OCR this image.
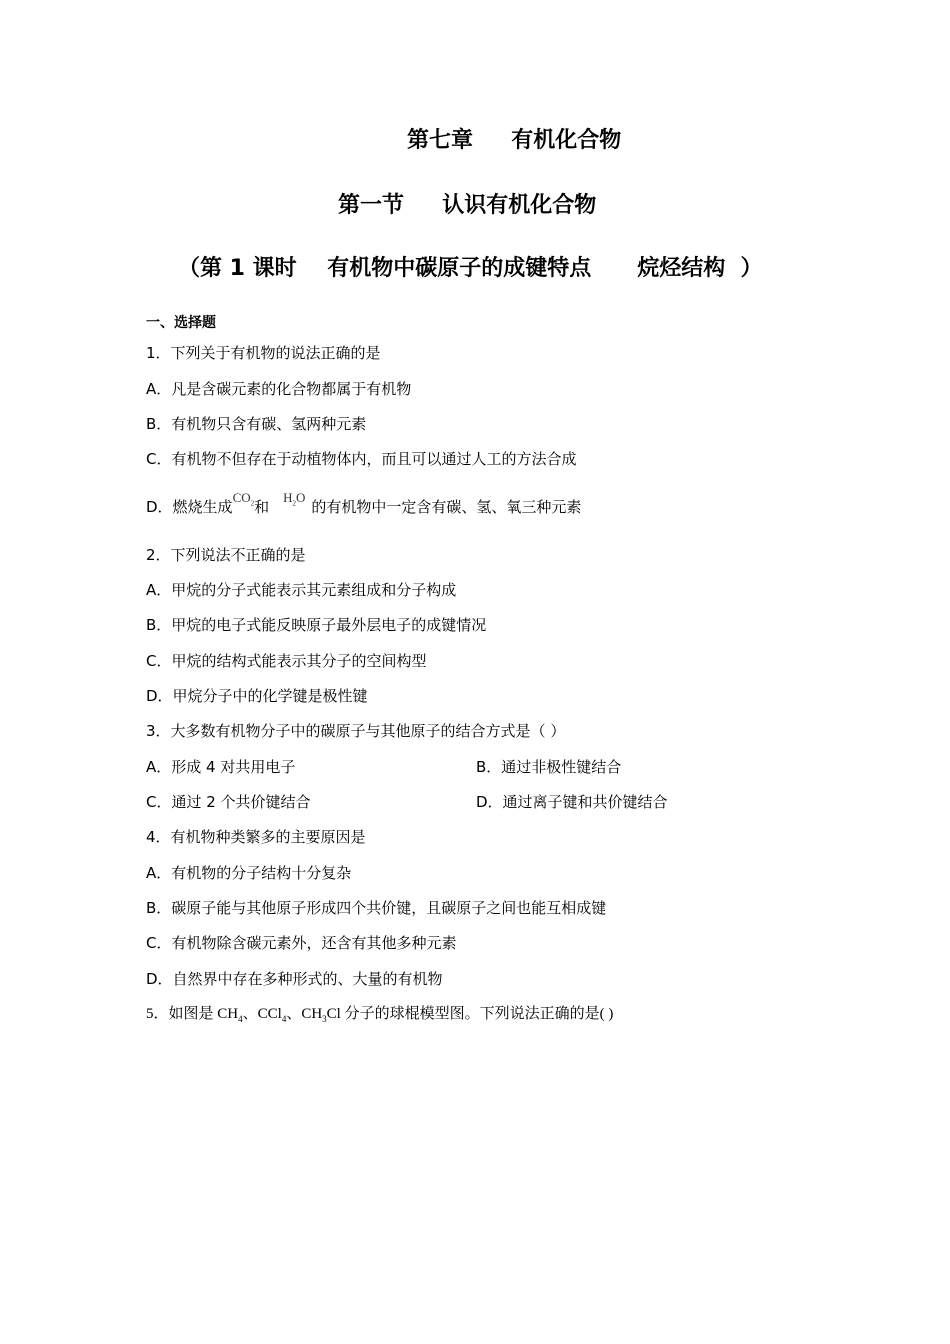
第七章     有机化合物
第一节     认识有机化合物
（第 1 课时    有机物中碳原子的成键特点      烷烃结构  ）
一、选择题
1．下列关于有机物的说法正确的是
A．凡是含碳元素的化合物都属于有机物
B．有机物只含有碳、氢两种元素
C．有机物不但存在于动植物体内，而且可以通过人工的方法合成
D．燃烧生成$CO_2$和$H_2O$的有机物中一定含有碳、氢、氧三种元素
2．下列说法不正确的是
A．甲烷的分子式能表示其元素组成和分子构成
B．甲烷的电子式能反映原子最外层电子的成键情况
C．甲烷的结构式能表示其分子的空间构型
D．甲烷分子中的化学键是极性键
3．大多数有机物分子中的碳原子与其他原子的结合方式是（ ）
A．形成 4 对共用电子	B．通过非极性键结合
C．通过 2 个共价键结合	D．通过离子键和共价键结合
4．有机物种类繁多的主要原因是
A．有机物的分子结构十分复杂
B．碳原子能与其他原子形成四个共价键，且碳原子之间也能互相成键
C．有机物除含碳元素外，还含有其他多种元素
D．自然界中存在多种形式的、大量的有机物
5．如图是 $CH_4$、CCl$_4$、$CH_3Cl$ 分子的球棍模型图。下列说法正确的是( )
